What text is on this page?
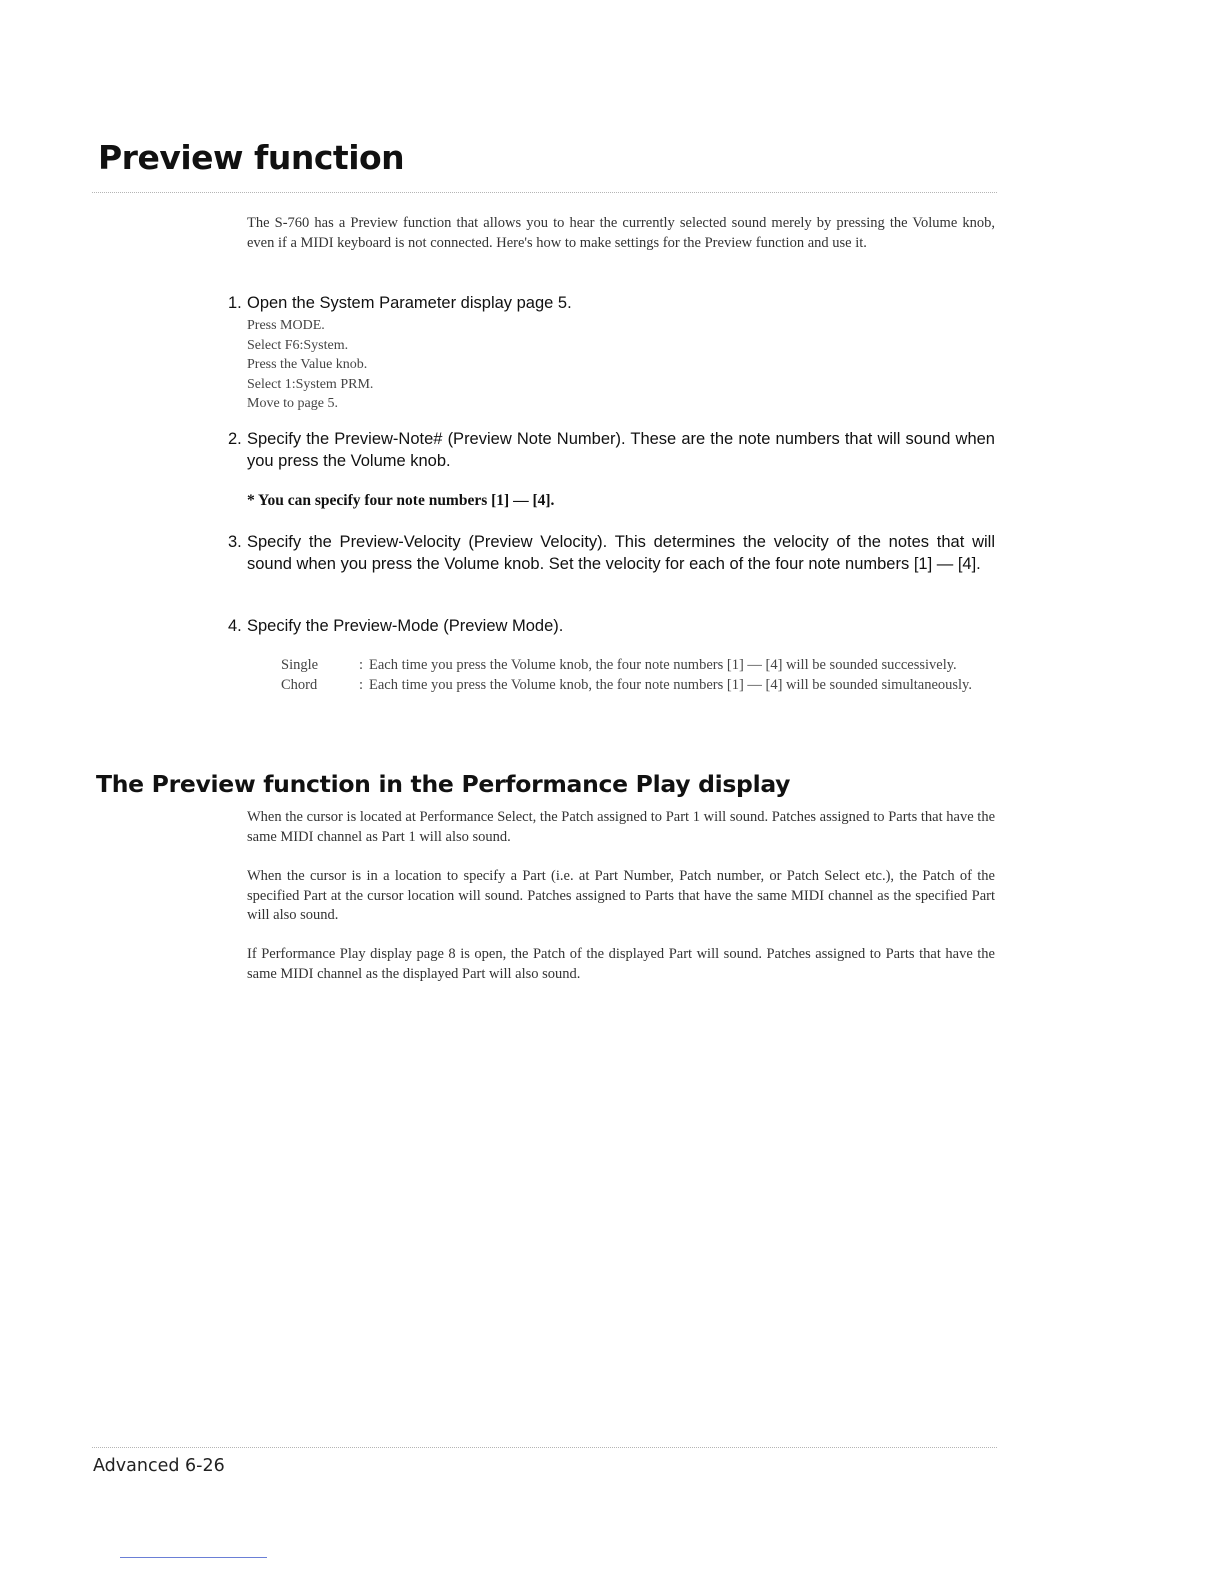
Preview function

The S-760 has a Preview function that allows you to hear the currently selected sound merely by pressing the Volume knob, even if a MIDI keyboard is not connected. Here's how to make settings for the Preview function and use it.

1. Open the System Parameter display page 5.

Press MODE.
Select F6:System.
Press the Value knob.
Select 1:System PRM.
Move to page 5.

2. Specify the Preview-Note# (Preview Note Number). These are the note numbers that will sound when you press the Volume knob.

* You can specify four note numbers [1] — [4].

3. Specify the Preview-Velocity (Preview Velocity). This determines the velocity of the notes that will sound when you press the Volume knob. Set the velocity for each of the four note numbers [1] — [4].

4. Specify the Preview-Mode (Preview Mode).

Single	: Each time you press the Volume knob, the four note numbers [1] — [4] will be sounded successively.
Chord	: Each time you press the Volume knob, the four note numbers [1] — [4] will be sounded simultaneously.
The Preview function in the Performance Play display

When the cursor is located at Performance Select, the Patch assigned to Part 1 will sound. Patches assigned to Parts that have the same MIDI channel as Part 1 will also sound.

When the cursor is in a location to specify a Part (i.e. at Part Number, Patch number, or Patch Select etc.), the Patch of the specified Part at the cursor location will sound. Patches assigned to Parts that have the same MIDI channel as the specified Part will also sound.

If Performance Play display page 8 is open, the Patch of the displayed Part will sound. Patches assigned to Parts that have the same MIDI channel as the displayed Part will also sound.

Advanced 6-26
